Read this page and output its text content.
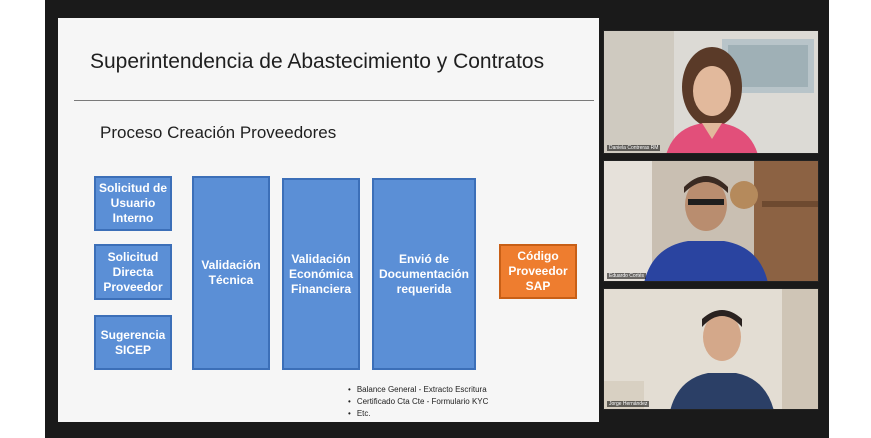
Superintendencia de Abastecimiento y Contratos
Proceso Creación Proveedores
Solicitud de Usuario Interno
Solicitud Directa Proveedor
Sugerencia SICEP
Validación Técnica
Validación Económica Financiera
Envió de Documentación requerida
Código Proveedor SAP
• Balance General - Extracto Escritura
• Certificado Cta Cte - Formulario KYC
• Etc.
Daniela Contreras RM
Eduardo Cortés
Jorge Hernández
